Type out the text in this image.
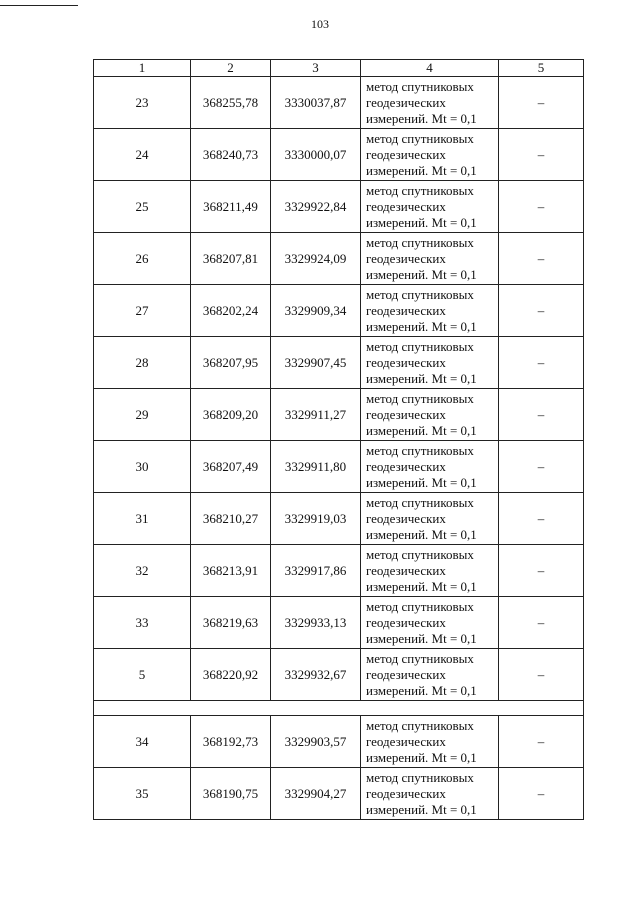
103
1	2	3	4	5
23	368255,78	3330037,87	метод спутниковых
геодезических
измерений. Mt = 0,1	–
24	368240,73	3330000,07	метод спутниковых
геодезических
измерений. Mt = 0,1	–
25	368211,49	3329922,84	метод спутниковых
геодезических
измерений. Mt = 0,1	–
26	368207,81	3329924,09	метод спутниковых
геодезических
измерений. Mt = 0,1	–
27	368202,24	3329909,34	метод спутниковых
геодезических
измерений. Mt = 0,1	–
28	368207,95	3329907,45	метод спутниковых
геодезических
измерений. Mt = 0,1	–
29	368209,20	3329911,27	метод спутниковых
геодезических
измерений. Mt = 0,1	–
30	368207,49	3329911,80	метод спутниковых
геодезических
измерений. Mt = 0,1	–
31	368210,27	3329919,03	метод спутниковых
геодезических
измерений. Mt = 0,1	–
32	368213,91	3329917,86	метод спутниковых
геодезических
измерений. Mt = 0,1	–
33	368219,63	3329933,13	метод спутниковых
геодезических
измерений. Mt = 0,1	–
5	368220,92	3329932,67	метод спутниковых
геодезических
измерений. Mt = 0,1	–

34	368192,73	3329903,57	метод спутниковых
геодезических
измерений. Mt = 0,1	–
35	368190,75	3329904,27	метод спутниковых
геодезических
измерений. Mt = 0,1	–
